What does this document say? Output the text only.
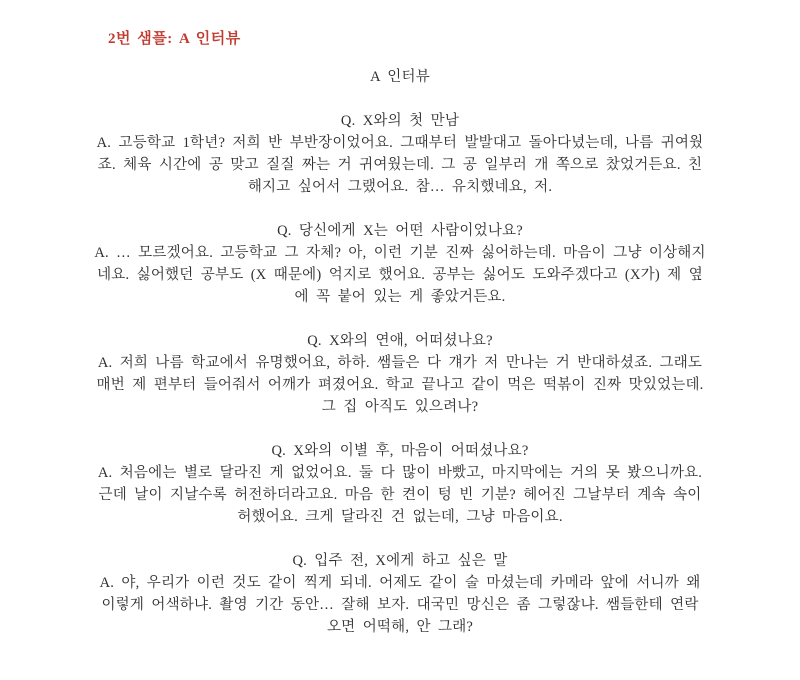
2번 샘플: A 인터뷰
A 인터뷰
Q. X와의 첫 만남
A. 고등학교 1학년? 저희 반 부반장이었어요. 그때부터 발발대고 돌아다녔는데, 나름 귀여웠죠. 체육 시간에 공 맞고 질질 짜는 거 귀여웠는데. 그 공 일부러 개 쪽으로 찼었거든요. 친해지고 싶어서 그랬어요. 참… 유치했네요, 저.
Q. 당신에게 X는 어떤 사람이었나요?
A. … 모르겠어요. 고등학교 그 자체? 아, 이런 기분 진짜 싫어하는데. 마음이 그냥 이상해지네요. 싫어했던 공부도 (X 때문에) 억지로 했어요. 공부는 싫어도 도와주겠다고 (X가) 제 옆에 꼭 붙어 있는 게 좋았거든요.
Q. X와의 연애, 어떠셨나요?
A. 저희 나름 학교에서 유명했어요, 하하. 쌤들은 다 걔가 저 만나는 거 반대하셨죠. 그래도 매번 제 편부터 들어줘서 어깨가 펴졌어요. 학교 끝나고 같이 먹은 떡볶이 진짜 맛있었는데. 그 집 아직도 있으려나?
Q. X와의 이별 후, 마음이 어떠셨나요?
A. 처음에는 별로 달라진 게 없었어요. 둘 다 많이 바빴고, 마지막에는 거의 못 봤으니까요. 근데 날이 지날수록 허전하더라고요. 마음 한 켠이 텅 빈 기분? 헤어진 그날부터 계속 속이 허했어요. 크게 달라진 건 없는데, 그냥 마음이요.
Q. 입주 전, X에게 하고 싶은 말
A. 야, 우리가 이런 것도 같이 찍게 되네. 어제도 같이 술 마셨는데 카메라 앞에 서니까 왜 이렇게 어색하냐. 촬영 기간 동안… 잘해 보자. 대국민 망신은 좀 그렇잖냐. 쌤들한테 연락 오면 어떡해, 안 그래?
